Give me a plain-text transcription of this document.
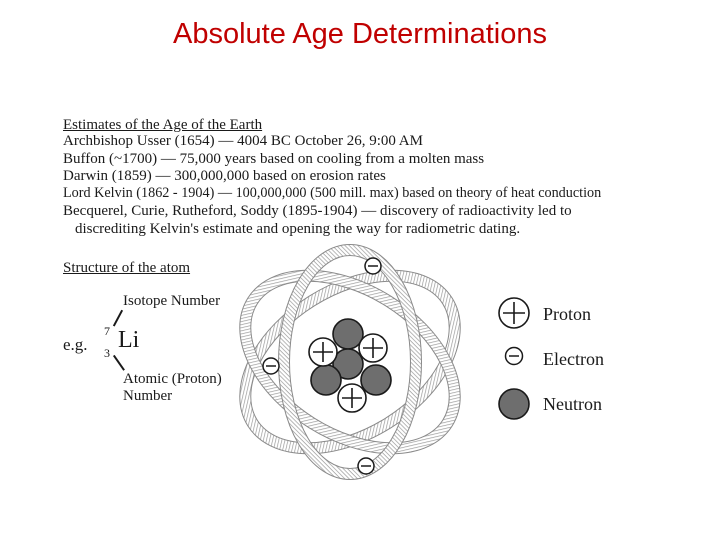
Absolute Age Determinations
Estimates of the Age of the Earth
Archbishop Usser (1654) — 4004 BC October 26, 9:00 AM
Buffon (~1700) — 75,000 years based on cooling from a molten mass
Darwin (1859) — 300,000,000 based on erosion rates
Lord Kelvin (1862 - 1904) — 100,000,000 (500 mill. max) based on theory of heat conduction
Becquerel, Curie, Rutheford, Soddy (1895-1904) — discovery of radioactivity led to
discrediting Kelvin's estimate and opening the way for radiometric dating.
Structure of the atom
Isotope Number
e.g.
7
3 Li
Atomic (Proton)
Number
Proton
Electron
Neutron
